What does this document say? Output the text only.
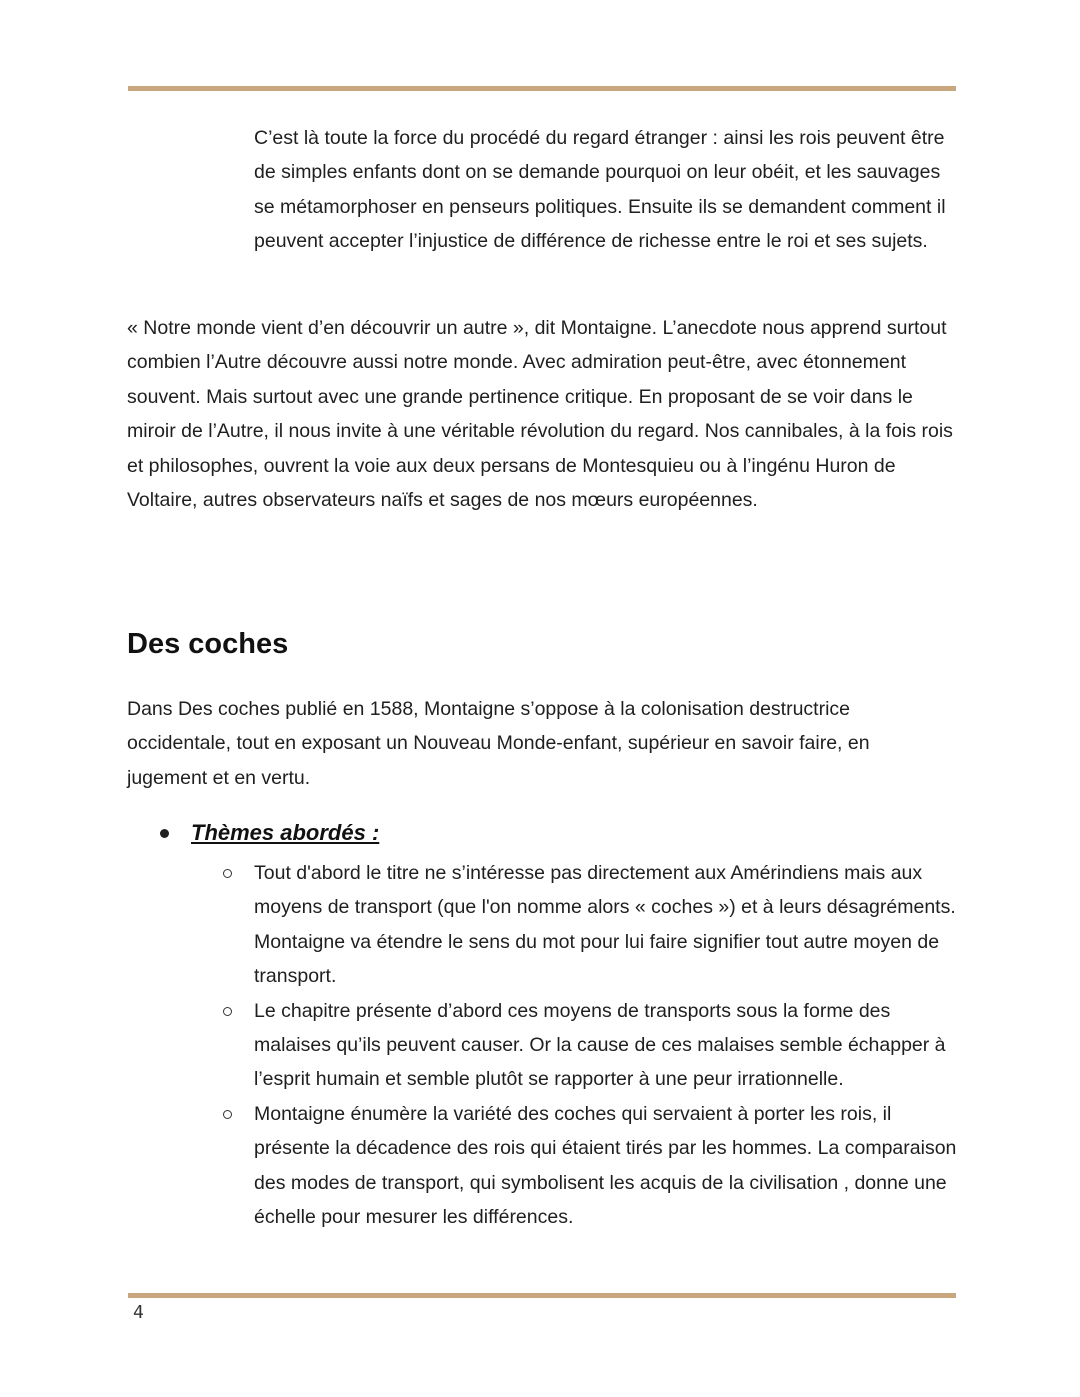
C’est là toute la force du procédé du regard étranger : ainsi les rois peuvent être de simples enfants dont on se demande pourquoi on leur obéit, et les sauvages se métamorphoser en penseurs politiques. Ensuite ils se demandent comment il peuvent accepter l’injustice de différence de richesse entre le roi et ses sujets.

« Notre monde vient d’en découvrir un autre », dit Montaigne. L’anecdote nous apprend surtout combien l’Autre découvre aussi notre monde. Avec admiration peut-être, avec étonnement souvent. Mais surtout avec une grande pertinence critique. En proposant de se voir dans le miroir de l’Autre, il nous invite à une véritable révolution du regard. Nos cannibales, à la fois rois et philosophes, ouvrent la voie aux deux persans de Montesquieu ou à l’ingénu Huron de Voltaire, autres observateurs naïfs et sages de nos mœurs européennes.

Des coches

Dans Des coches publié en 1588, Montaigne s’oppose à la colonisation destructrice occidentale, tout en exposant un Nouveau Monde-enfant, supérieur en savoir faire, en jugement et en vertu.

Thèmes abordés :
Tout d'abord le titre ne s’intéresse pas directement aux Amérindiens mais aux moyens de transport (que l'on nomme alors « coches ») et à leurs désagréments. Montaigne va étendre le sens du mot pour lui faire signifier tout autre moyen de transport.
Le chapitre présente d’abord ces moyens de transports sous la forme des malaises qu’ils peuvent causer. Or la cause de ces malaises semble échapper à l’esprit humain et semble plutôt se rapporter à une peur irrationnelle.
Montaigne énumère la variété des coches qui servaient à porter les rois, il présente la décadence des rois qui étaient tirés par les hommes. La comparaison des modes de transport, qui symbolisent les acquis de la civilisation , donne une échelle pour mesurer les différences.
4
